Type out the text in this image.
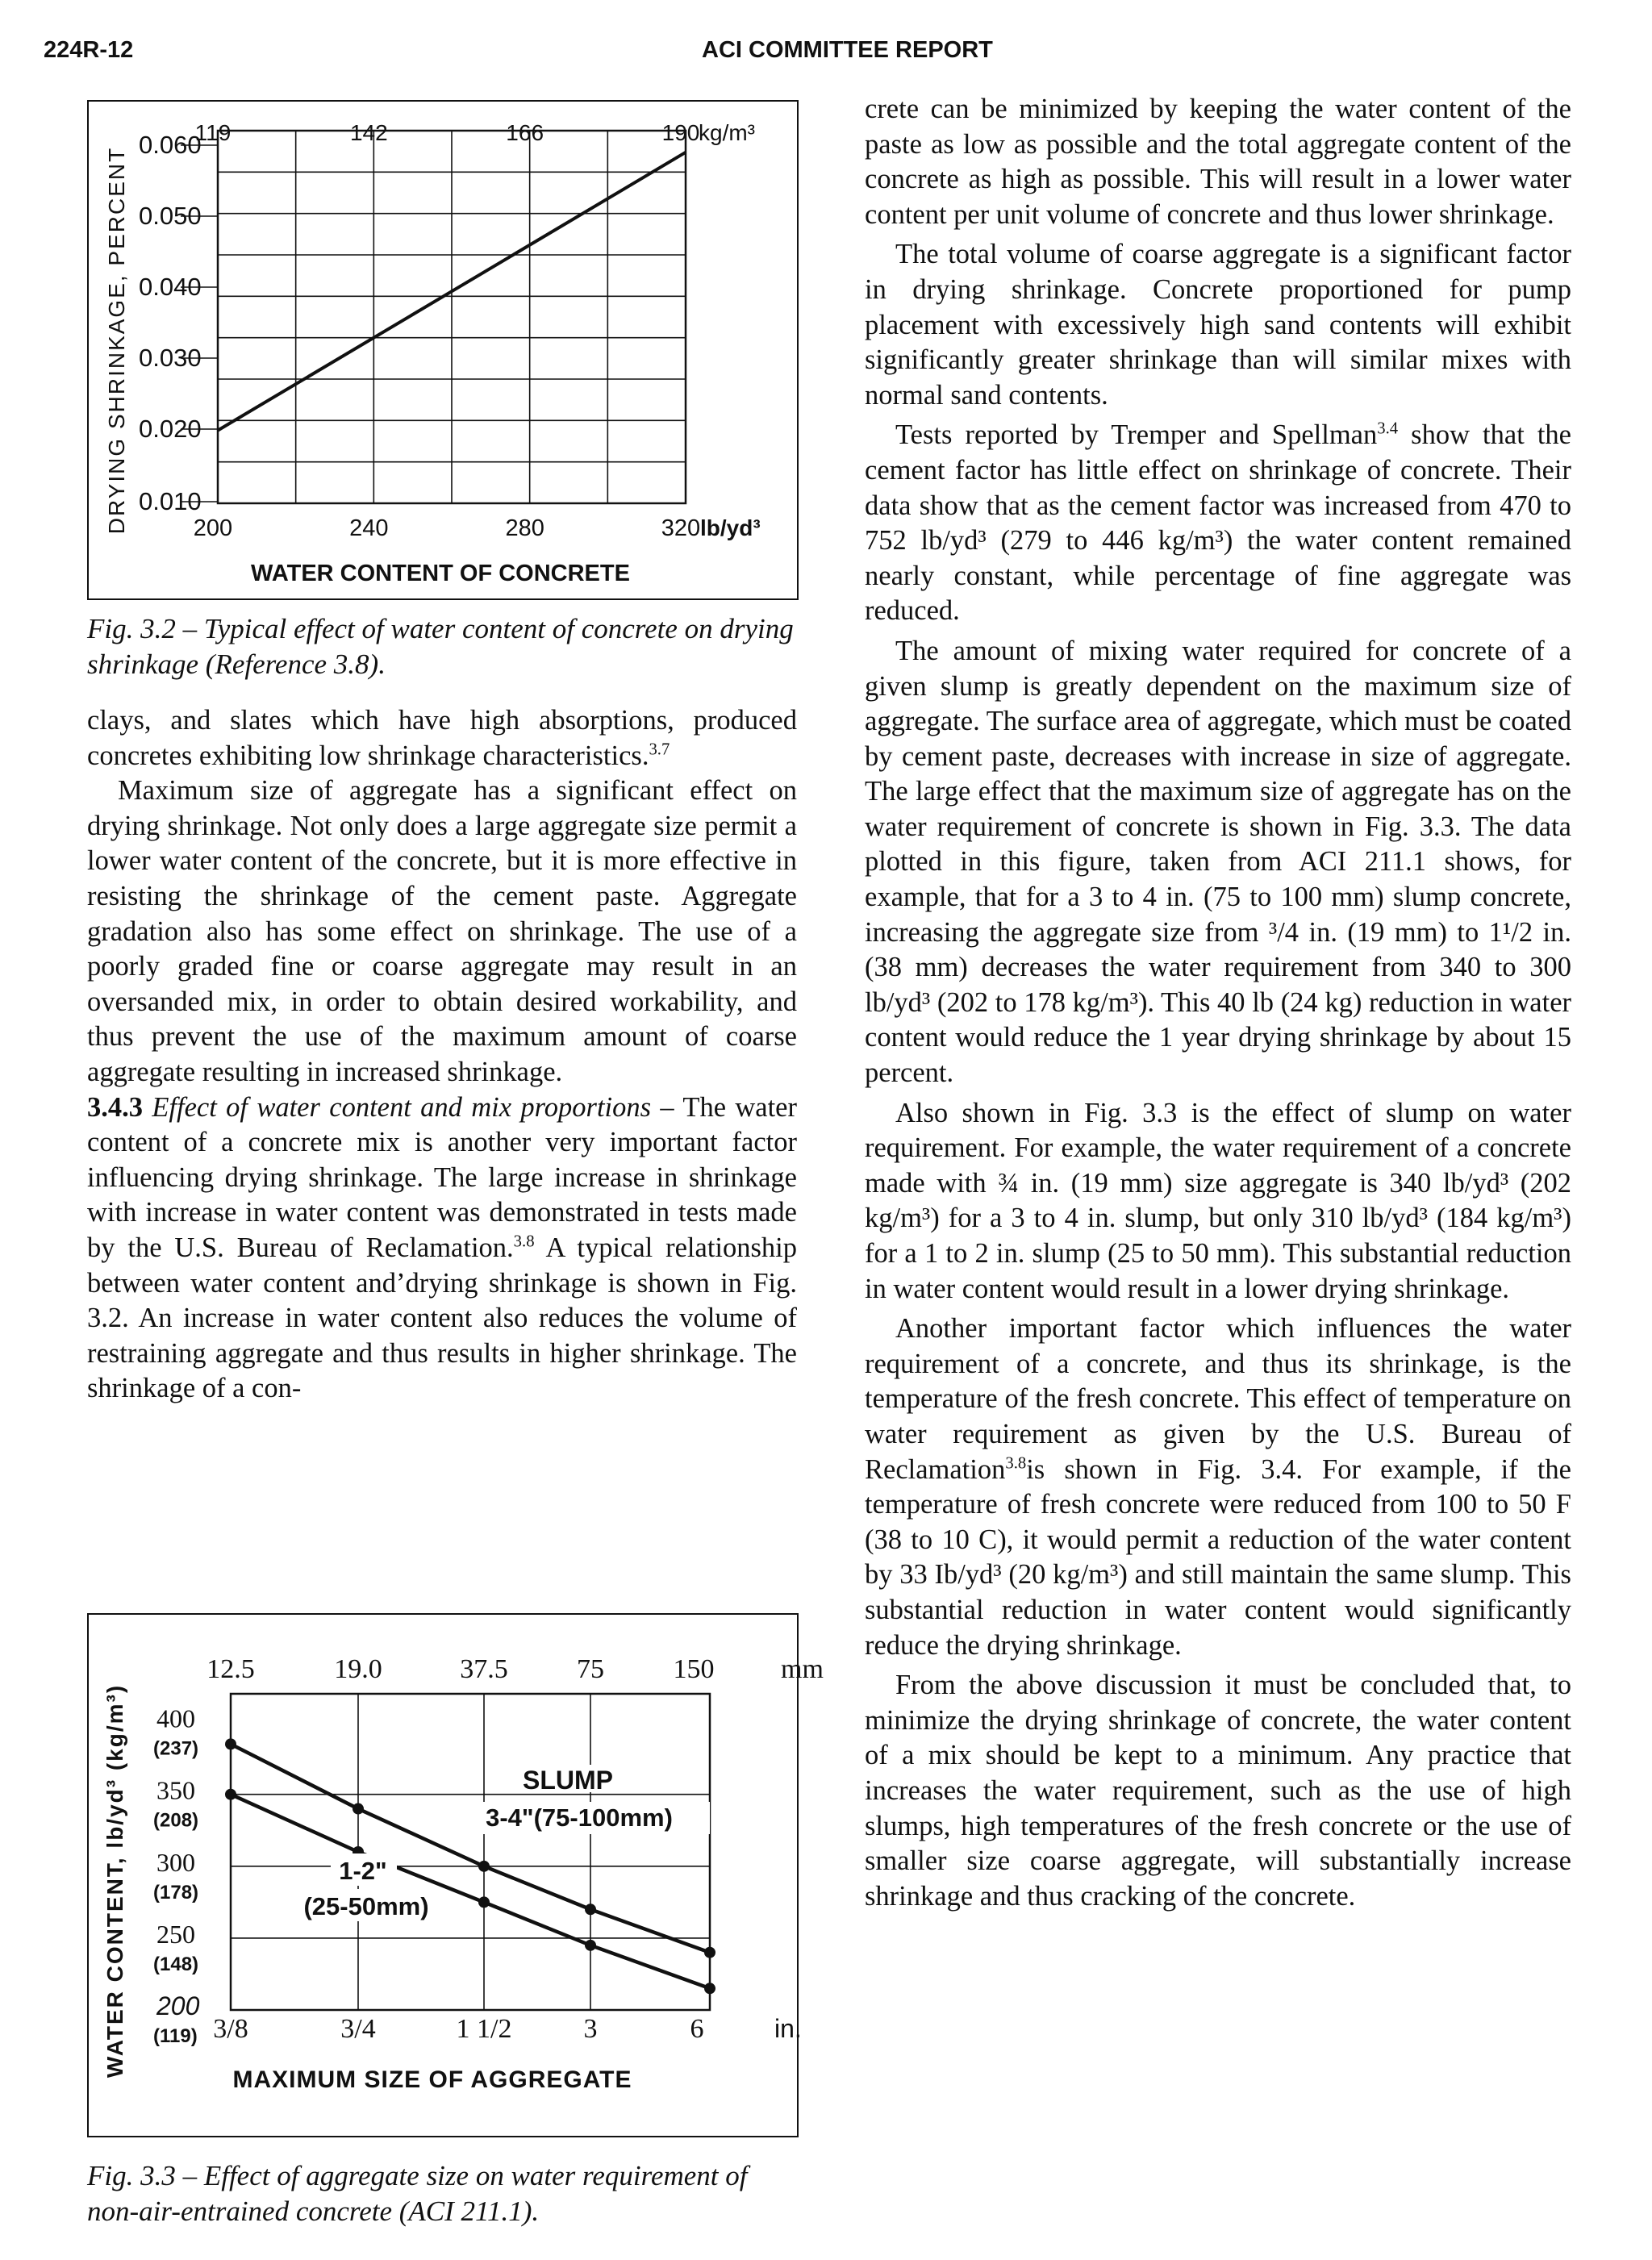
224R-12	ACI COMMITTEE REPORT
0.060
0.050
0.040
0.030
0.020
0.010
200	240	280	320
119	142	166	190
DRYING SHRINKAGE, PERCENT
kg/m³
lb/yd³
WATER CONTENT OF CONCRETE
Fig. 3.2 – Typical effect of water content of concrete on drying shrinkage (Reference 3.8).

clays, and slates which have high absorptions, produced concretes exhibiting low shrinkage characteristics.$^{3.7}$

Maximum size of aggregate has a significant effect on drying shrinkage. Not only does a large aggregate size permit a lower water content of the concrete, but it is more effective in resisting the shrinkage of the cement paste. Aggregate gradation also has some effect on shrinkage. The use of a poorly graded fine or coarse aggregate may result in an oversanded mix, in order to obtain desired workability, and thus prevent the use of the maximum amount of coarse aggregate resulting in increased shrinkage.

3.4.3 Effect of water content and mix proportions – The water content of a concrete mix is another very important factor influencing drying shrinkage. The large increase in shrinkage with increase in water content was demonstrated in tests made by the U.S. Bureau of Reclamation.$^{3.8}$ A typical relationship between water content and’drying shrinkage is shown in Fig. 3.2. An increase in water content also reduces the volume of restraining aggregate and thus results in higher shrinkage. The shrinkage of a con-

400
(237)
350
(208)
300
(178)
250
(148)
200
(119)
12.5	19.0	37.5	75	150
3/8	3/4	1 1/2	3	6
SLUMP
3-4"(75-100mm)
1-2"
(25-50mm)
WATER CONTENT, lb/yd³ (kg/m³)
mm
in.
MAXIMUM SIZE OF AGGREGATE
Fig. 3.3 – Effect of aggregate size on water requirement of non-air-entrained concrete (ACI 211.1).

crete can be minimized by keeping the water content of the paste as low as possible and the total aggregate content of the concrete as high as possible. This will result in a lower water content per unit volume of concrete and thus lower shrinkage.

The total volume of coarse aggregate is a significant factor in drying shrinkage. Concrete proportioned for pump placement with excessively high sand contents will exhibit significantly greater shrinkage than will similar mixes with normal sand contents.

Tests reported by Tremper and Spellman$^{3.4}$ show that the cement factor has little effect on shrinkage of concrete. Their data show that as the cement factor was increased from 470 to 752 lb/yd³ (279 to 446 kg/m³) the water content remained nearly constant, while percentage of fine aggregate was reduced.

The amount of mixing water required for concrete of a given slump is greatly dependent on the maximum size of aggregate. The surface area of aggregate, which must be coated by cement paste, decreases with increase in size of aggregate. The large effect that the maximum size of aggregate has on the water requirement of concrete is shown in Fig. 3.3. The data plotted in this figure, taken from ACI 211.1 shows, for example, that for a 3 to 4 in. (75 to 100 mm) slump concrete, increasing the aggregate size from ³/4 in. (19 mm) to 1¹/2 in. (38 mm) decreases the water requirement from 340 to 300 lb/yd³ (202 to 178 kg/m³). This 40 lb (24 kg) reduction in water content would reduce the 1 year drying shrinkage by about 15 percent.

Also shown in Fig. 3.3 is the effect of slump on water requirement. For example, the water requirement of a concrete made with ¾ in. (19 mm) size aggregate is 340 lb/yd³ (202 kg/m³) for a 3 to 4 in. slump, but only 310 lb/yd³ (184 kg/m³) for a 1 to 2 in. slump (25 to 50 mm). This substantial reduction in water content would result in a lower drying shrinkage.

Another important factor which influences the water requirement of a concrete, and thus its shrinkage, is the temperature of the fresh concrete. This effect of temperature on water requirement as given by the U.S. Bureau of Reclamation$^{3.8}$is shown in Fig. 3.4. For example, if the temperature of fresh concrete were reduced from 100 to 50 F (38 to 10 C), it would permit a reduction of the water content by 33 Ib/yd³ (20 kg/m³) and still maintain the same slump. This substantial reduction in water content would significantly reduce the drying shrinkage.

From the above discussion it must be concluded that, to minimize the drying shrinkage of concrete, the water content of a mix should be kept to a minimum. Any practice that increases the water requirement, such as the use of high slumps, high temperatures of the fresh concrete or the use of smaller size coarse aggregate, will substantially increase shrinkage and thus cracking of the concrete.
